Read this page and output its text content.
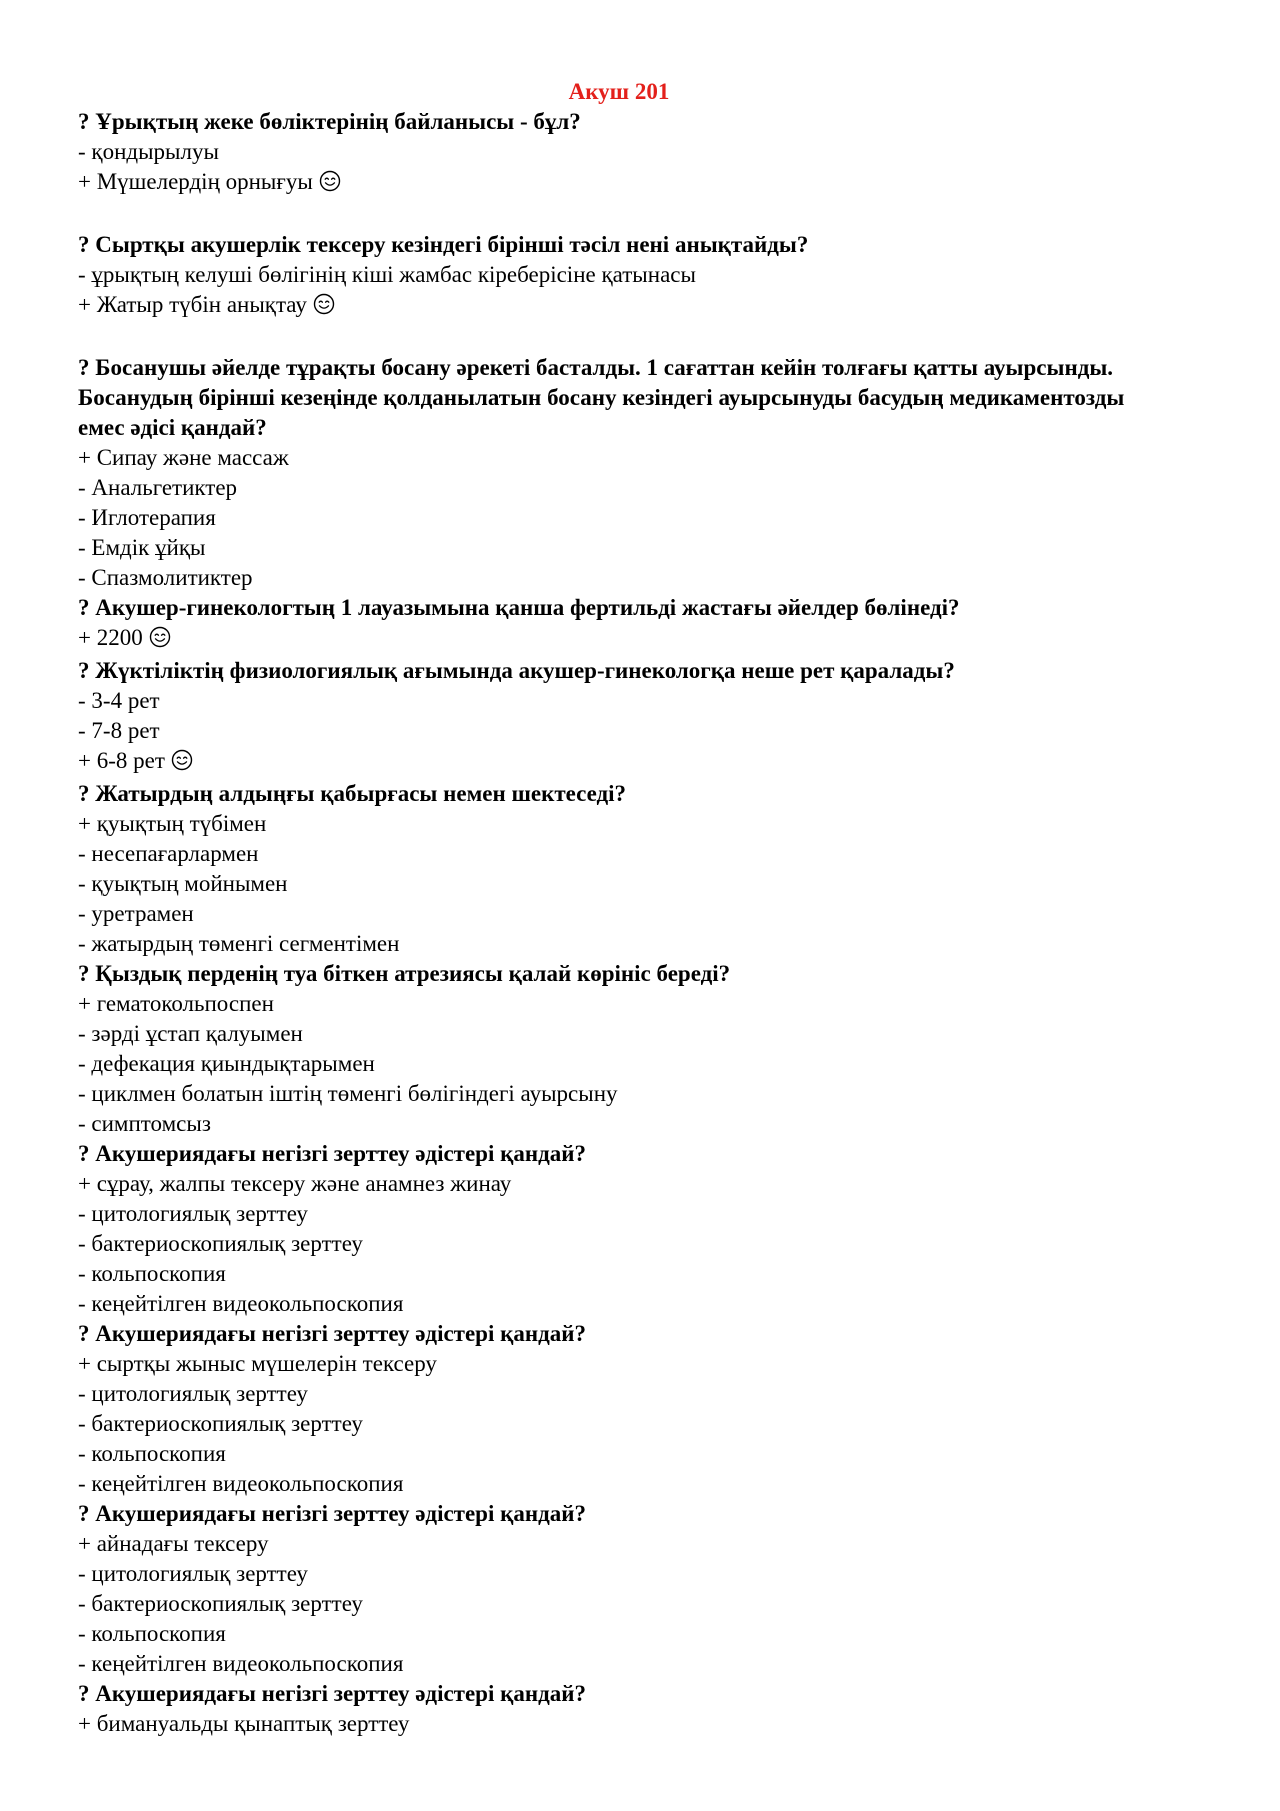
Акуш 201

? Ұрықтың жеке бөліктерінің байланысы - бұл?

- қондырылуы

+ Мүшелердің орнығуы

? Сыртқы акушерлік тексеру кезіндегі бірінші тәсіл нені анықтайды?

- ұрықтың келуші бөлігінің кіші жамбас кіреберісіне қатынасы

+ Жатыр түбін анықтау

? Босанушы әйелде тұрақты босану әрекеті басталды. 1 сағаттан кейін толғағы қатты ауырсынды. Босанудың бірінші кезеңінде қолданылатын босану кезіндегі ауырсынуды басудың медикаментозды емес әдісі қандай?

+ Сипау және массаж

- Анальгетиктер

- Иглотерапия

- Емдік ұйқы

- Спазмолитиктер

? Акушер-гинекологтың 1 лауазымына қанша фертильді жастағы әйелдер бөлінеді?

+ 2200

? Жүктіліктің физиологиялық ағымында акушер-гинекологқа неше рет қаралады?

- 3-4 рет

- 7-8 рет

+ 6-8 рет

? Жатырдың алдыңғы қабырғасы немен шектеседі?

+ қуықтың түбімен

- несепағарлармен

- қуықтың мойнымен

- уретрамен

- жатырдың төменгі сегментімен

? Қыздық перденің туа біткен атрезиясы қалай көрініс береді?

+ гематокольпоспен

- зәрді ұстап қалуымен

- дефекация қиындықтарымен

- циклмен болатын іштің төменгі бөлігіндегі ауырсыну

- симптомсыз

? Акушериядағы негізгі зерттеу әдістері қандай?

+ сұрау, жалпы тексеру және анамнез жинау

- цитологиялық зерттеу

- бактериоскопиялық зерттеу

- кольпоскопия

- кеңейтілген видеокольпоскопия

? Акушериядағы негізгі зерттеу әдістері қандай?

+ сыртқы жыныс мүшелерін тексеру

- цитологиялық зерттеу

- бактериоскопиялық зерттеу

- кольпоскопия

- кеңейтілген видеокольпоскопия

? Акушериядағы негізгі зерттеу әдістері қандай?

+ айнадағы тексеру

- цитологиялық зерттеу

- бактериоскопиялық зерттеу

- кольпоскопия

- кеңейтілген видеокольпоскопия

? Акушериядағы негізгі зерттеу әдістері қандай?

+ бимануальды қынаптық зерттеу
